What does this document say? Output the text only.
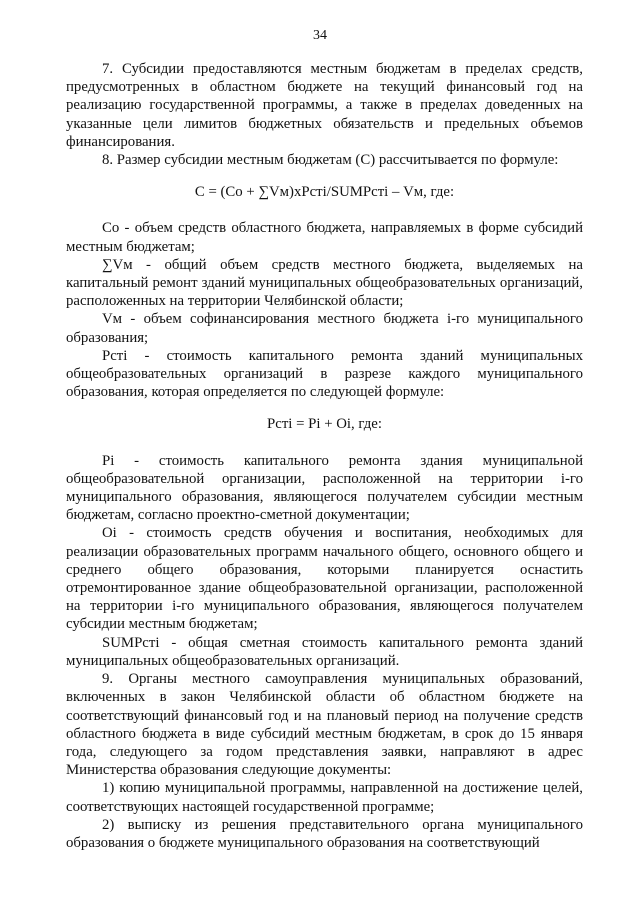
34

7. Субсидии предоставляются местным бюджетам в пределах средств, предусмотренных в областном бюджете на текущий финансовый год на реализацию государственной программы, а также в пределах доведенных на указанные цели лимитов бюджетных обязательств и предельных объемов финансирования.

8. Размер субсидии местным бюджетам (С) рассчитывается по формуле:

С = (Со + ∑Vм)хРсті/SUMРсті – Vм, где:

Со - объем средств областного бюджета, направляемых в форме субсидий местным бюджетам;

∑Vм - общий объем средств местного бюджета, выделяемых на капитальный ремонт зданий муниципальных общеобразовательных организаций, расположенных на территории Челябинской области;

Vм - объем софинансирования местного бюджета i-го муниципального образования;

Рсті - стоимость капитального ремонта зданий муниципальных общеобразовательных организаций в разрезе каждого муниципального образования, которая определяется по следующей формуле:

Рсті = Рі + Оі, где:

Рі - стоимость капитального ремонта здания муниципальной общеобразовательной организации, расположенной на территории і-го муниципального образования, являющегося получателем субсидии местным бюджетам, согласно проектно-сметной документации;

Оі - стоимость средств обучения и воспитания, необходимых для реализации образовательных программ начального общего, основного общего и среднего общего образования, которыми планируется оснастить отремонтированное здание общеобразовательной организации, расположенной на территории і-го муниципального образования, являющегося получателем субсидии местным бюджетам;

SUMРсті - общая сметная стоимость капитального ремонта зданий муниципальных общеобразовательных организаций.

9. Органы местного самоуправления муниципальных образований, включенных в закон Челябинской области об областном бюджете на соответствующий финансовый год и на плановый период на получение средств областного бюджета в виде субсидий местным бюджетам, в срок до 15 января года, следующего за годом представления заявки, направляют в адрес Министерства образования следующие документы:

1) копию муниципальной программы, направленной на достижение целей, соответствующих настоящей государственной программе;

2) выписку из решения представительного органа муниципального образования о бюджете муниципального образования на соответствующий
